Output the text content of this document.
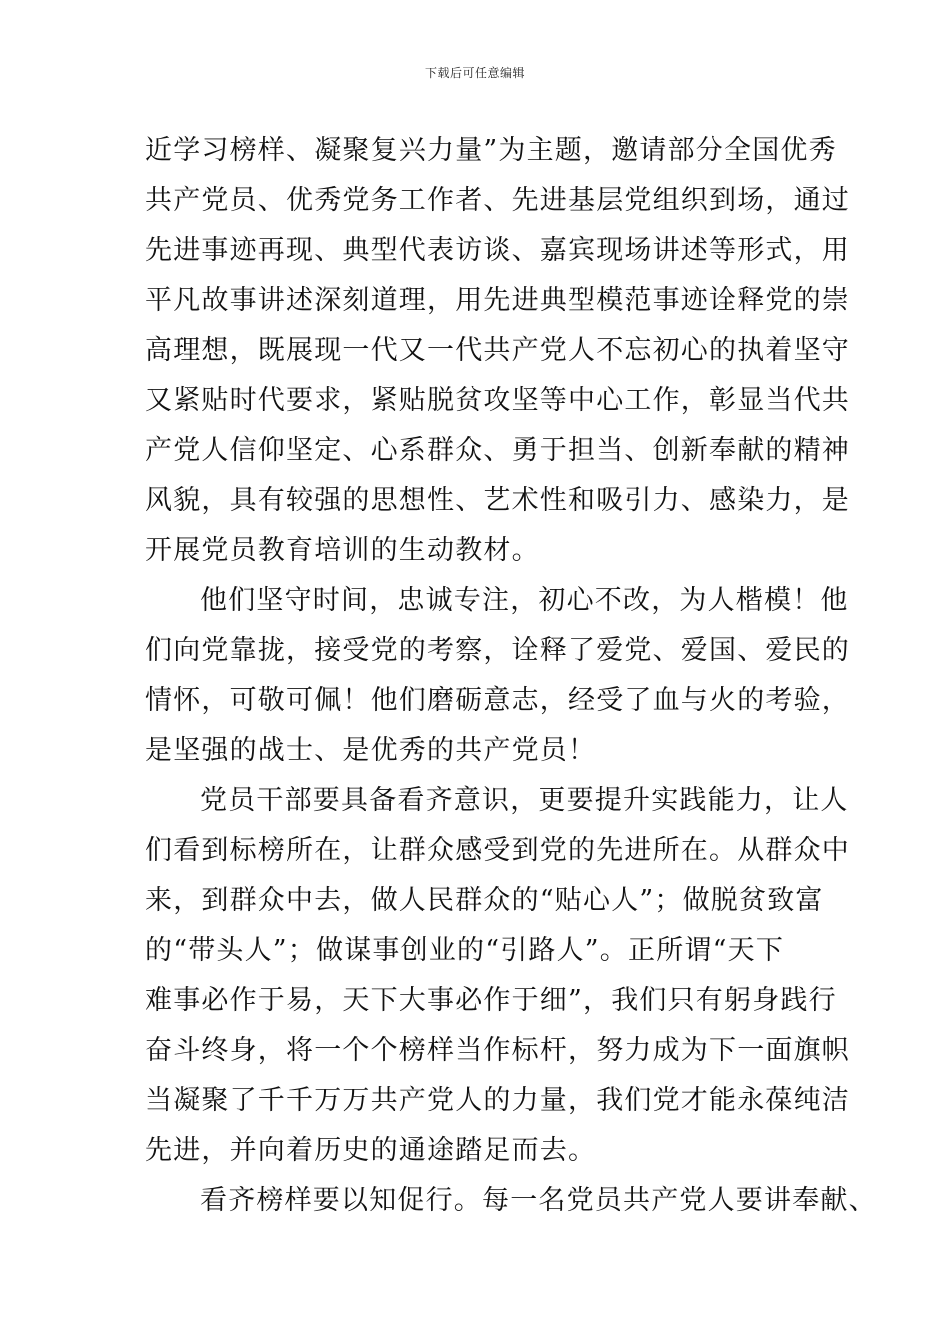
下载后可任意编辑
近学习榜样、凝聚复兴力量”为主题，邀请部分全国优秀
共产党员、优秀党务工作者、先进基层党组织到场，通过
先进事迹再现、典型代表访谈、嘉宾现场讲述等形式，用
平凡故事讲述深刻道理，用先进典型模范事迹诠释党的崇
高理想，既展现一代又一代共产党人不忘初心的执着坚守
又紧贴时代要求，紧贴脱贫攻坚等中心工作，彰显当代共
产党人信仰坚定、心系群众、勇于担当、创新奉献的精神
风貌，具有较强的思想性、艺术性和吸引力、感染力，是
开展党员教育培训的生动教材。
他们坚守时间，忠诚专注，初心不改，为人楷模！他
们向党靠拢，接受党的考察，诠释了爱党、爱国、爱民的
情怀，可敬可佩！他们磨砺意志，经受了血与火的考验，
是坚强的战士、是优秀的共产党员！
党员干部要具备看齐意识，更要提升实践能力，让人
们看到标榜所在，让群众感受到党的先进所在。从群众中
来，到群众中去，做人民群众的“贴心人”；做脱贫致富
的“带头人”；做谋事创业的“引路人”。正所谓“天下
难事必作于易，天下大事必作于细”，我们只有躬身践行
奋斗终身，将一个个榜样当作标杆，努力成为下一面旗帜
当凝聚了千千万万共产党人的力量，我们党才能永葆纯洁
先进，并向着历史的通途踏足而去。
看齐榜样要以知促行。每一名党员共产党人要讲奉献、
